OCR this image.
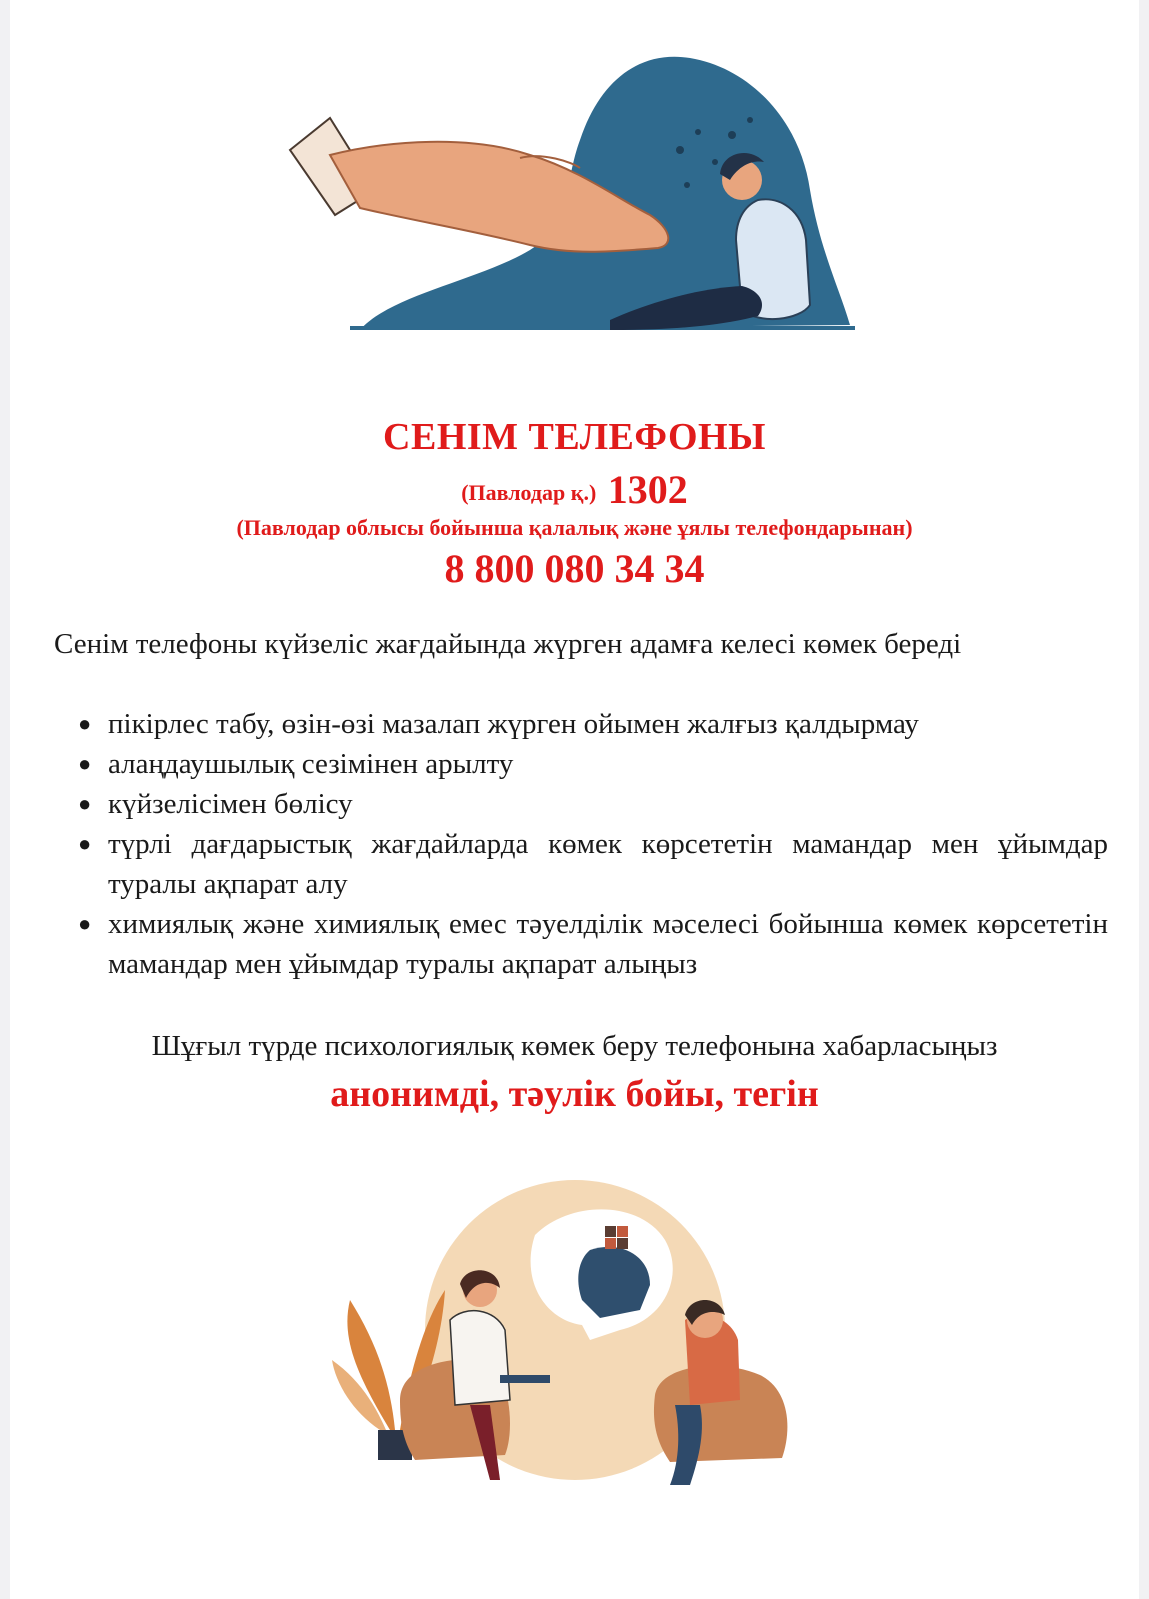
СЕНІМ ТЕЛЕФОНЫ
(Павлодар қ.) 1302
(Павлодар облысы бойынша қалалық және ұялы телефондарынан)
8 800 080 34 34
Сенім телефоны күйзеліс жағдайында жүрген адамға келесі көмек береді
● пікірлес табу, өзін-өзі мазалап жүрген ойымен жалғыз қалдырмау
● алаңдаушылық сезімінен арылту
● күйзелісімен бөлісу
● түрлі дағдарыстық жағдайларда көмек көрсететін мамандар мен ұйымдар туралы ақпарат алу
● химиялық және химиялық емес тәуелділік мәселесі бойынша көмек көрсететін мамандар мен ұйымдар туралы ақпарат алыңыз
Шұғыл түрде психологиялық көмек беру телефонына хабарласыңыз
анонимді, тәулік бойы, тегін
